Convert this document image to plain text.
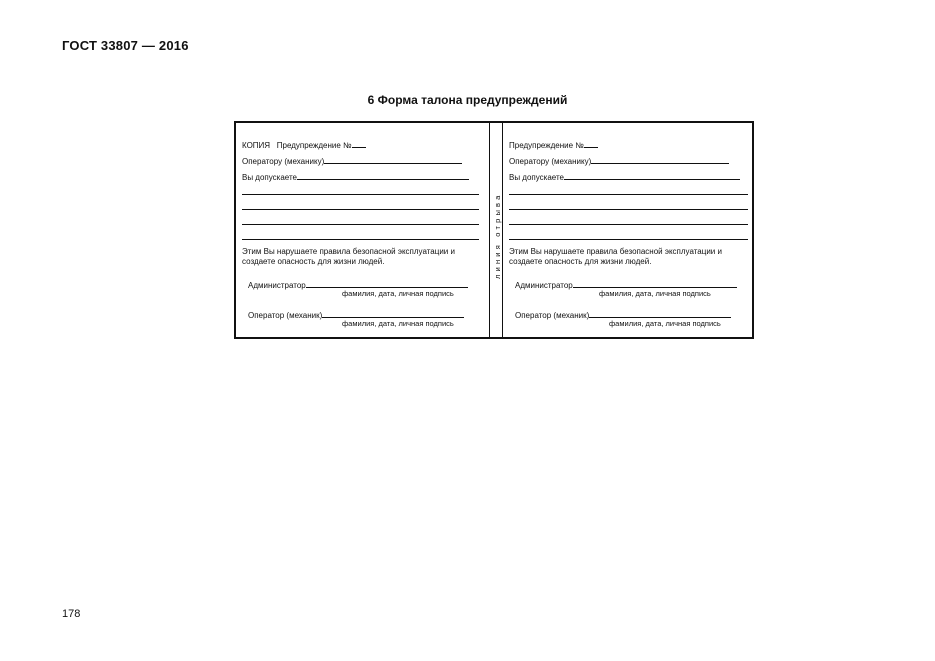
ГОСТ 33807 — 2016
6 Форма талона предупреждений
КОПИЯ Предупреждение №
Оператору (механику)
Вы допускаете
Этим Вы нарушаете правила безопасной эксплуатации и создаете опасность для жизни людей.
Администратор
фамилия, дата, личная подпись
Оператор (механик)
фамилия, дата, личная подпись
линия отрыва
Предупреждение №
Оператору (механику)
Вы допускаете
Этим Вы нарушаете правила безопасной эксплуатации и создаете опасность для жизни людей.
Администратор
фамилия, дата, личная подпись
Оператор (механик)
фамилия, дата, личная подпись
178
